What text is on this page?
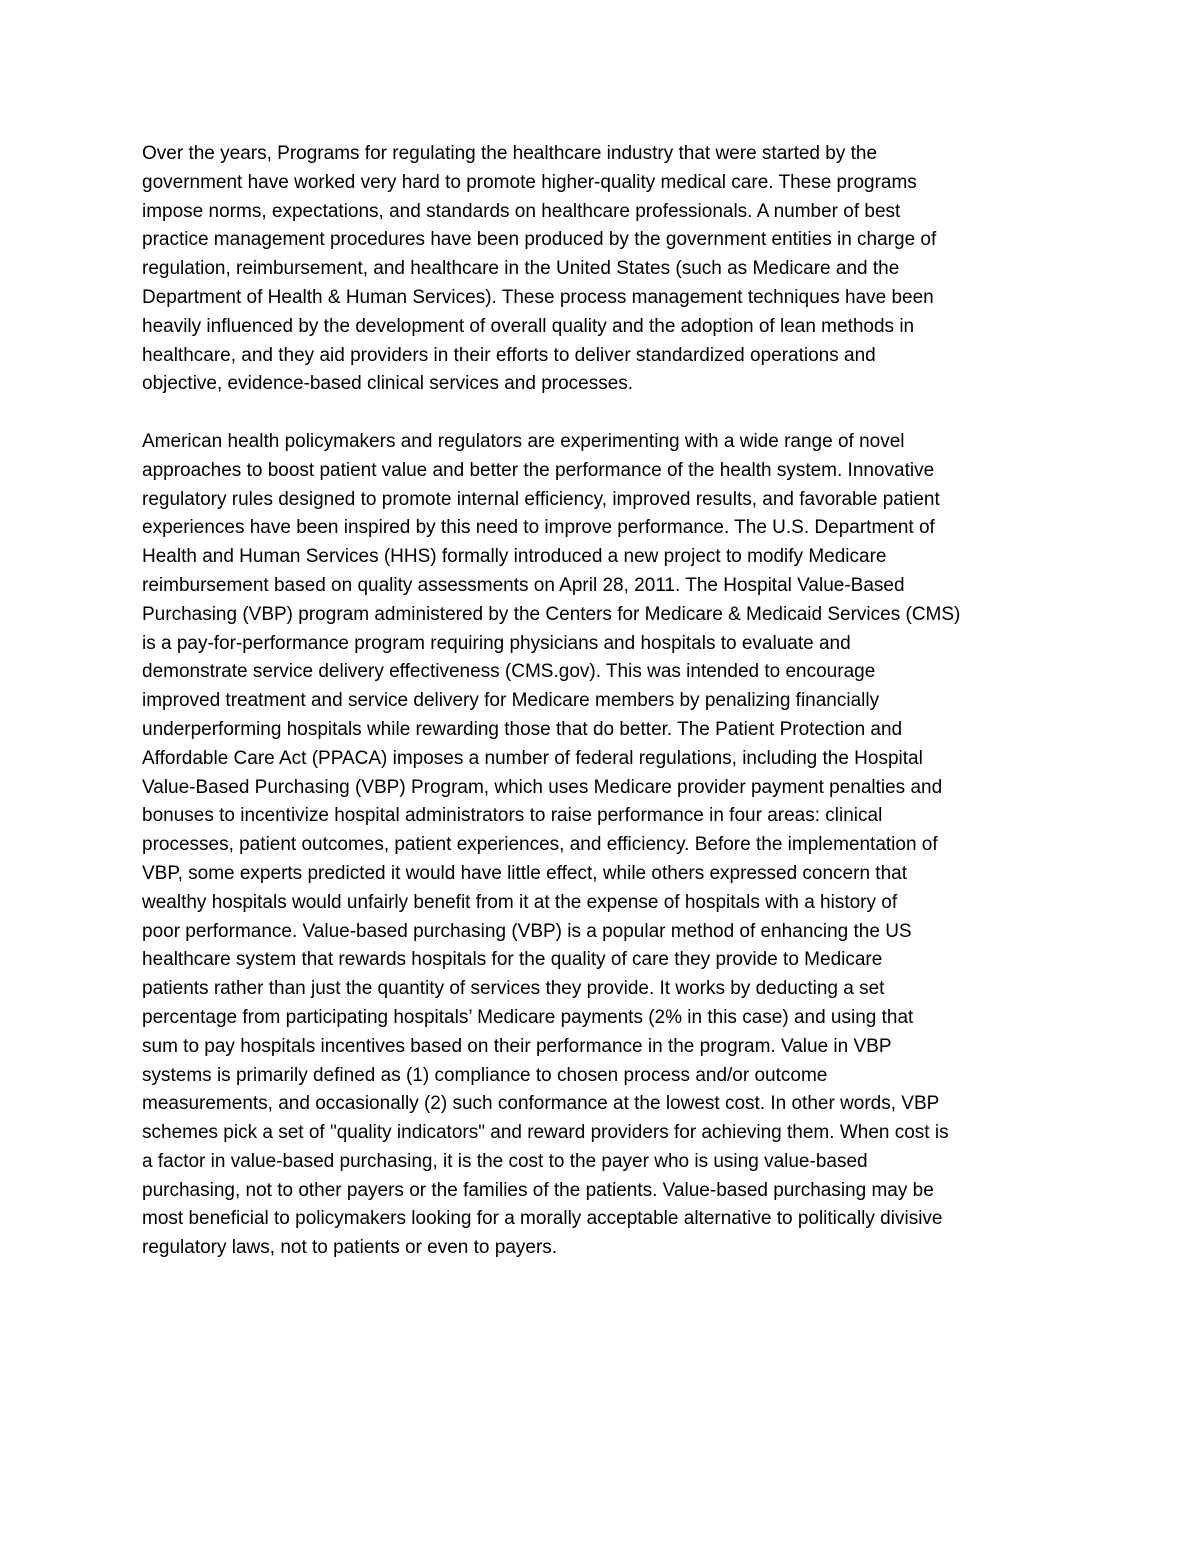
Over the years, Programs for regulating the healthcare industry that were started by the
government have worked very hard to promote higher-quality medical care. These programs
impose norms, expectations, and standards on healthcare professionals. A number of best
practice management procedures have been produced by the government entities in charge of
regulation, reimbursement, and healthcare in the United States (such as Medicare and the
Department of Health & Human Services). These process management techniques have been
heavily influenced by the development of overall quality and the adoption of lean methods in
healthcare, and they aid providers in their efforts to deliver standardized operations and
objective, evidence-based clinical services and processes.
American health policymakers and regulators are experimenting with a wide range of novel
approaches to boost patient value and better the performance of the health system. Innovative
regulatory rules designed to promote internal efficiency, improved results, and favorable patient
experiences have been inspired by this need to improve performance. The U.S. Department of
Health and Human Services (HHS) formally introduced a new project to modify Medicare
reimbursement based on quality assessments on April 28, 2011. The Hospital Value-Based
Purchasing (VBP) program administered by the Centers for Medicare & Medicaid Services (CMS)
is a pay-for-performance program requiring physicians and hospitals to evaluate and
demonstrate service delivery effectiveness (CMS.gov). This was intended to encourage
improved treatment and service delivery for Medicare members by penalizing financially
underperforming hospitals while rewarding those that do better. The Patient Protection and
Affordable Care Act (PPACA) imposes a number of federal regulations, including the Hospital
Value-Based Purchasing (VBP) Program, which uses Medicare provider payment penalties and
bonuses to incentivize hospital administrators to raise performance in four areas: clinical
processes, patient outcomes, patient experiences, and efficiency. Before the implementation of
VBP, some experts predicted it would have little effect, while others expressed concern that
wealthy hospitals would unfairly benefit from it at the expense of hospitals with a history of
poor performance. Value-based purchasing (VBP) is a popular method of enhancing the US
healthcare system that rewards hospitals for the quality of care they provide to Medicare
patients rather than just the quantity of services they provide. It works by deducting a set
percentage from participating hospitals’ Medicare payments (2% in this case) and using that
sum to pay hospitals incentives based on their performance in the program. Value in VBP
systems is primarily defined as (1) compliance to chosen process and/or outcome
measurements, and occasionally (2) such conformance at the lowest cost. In other words, VBP
schemes pick a set of "quality indicators" and reward providers for achieving them. When cost is
a factor in value-based purchasing, it is the cost to the payer who is using value-based
purchasing, not to other payers or the families of the patients. Value-based purchasing may be
most beneficial to policymakers looking for a morally acceptable alternative to politically divisive
regulatory laws, not to patients or even to payers.
